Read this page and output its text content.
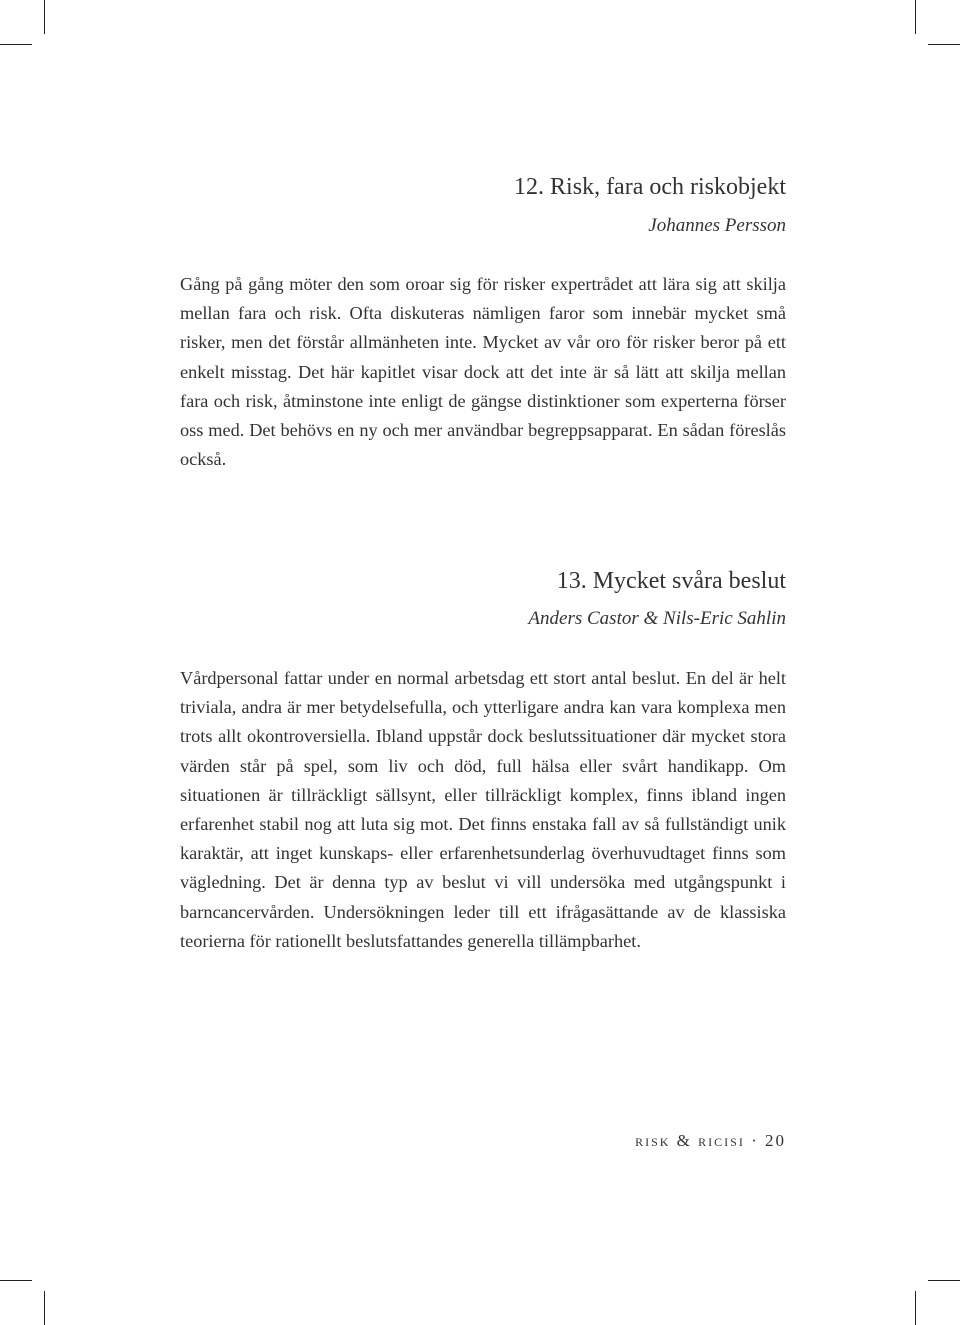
12. Risk, fara och riskobjekt
Johannes Persson

Gång på gång möter den som oroar sig för risker expertrådet att lära sig att skilja mellan fara och risk. Ofta diskuteras nämligen faror som innebär mycket små risker, men det förstår allmänheten inte. Mycket av vår oro för risker beror på ett enkelt misstag. Det här kapitlet visar dock att det inte är så lätt att skilja mellan fara och risk, åtminstone inte enligt de gängse distinktioner som experterna förser oss med. Det behövs en ny och mer användbar begreppsapparat. En sådan föreslås också.

13. Mycket svåra beslut
Anders Castor & Nils-Eric Sahlin

Vårdpersonal fattar under en normal arbetsdag ett stort antal beslut. En del är helt triviala, andra är mer betydelsefulla, och ytterligare andra kan vara komplexa men trots allt okontroversiella. Ibland uppstår dock beslutssituationer där mycket stora värden står på spel, som liv och död, full hälsa eller svårt handikapp. Om situationen är tillräckligt sällsynt, eller tillräckligt komplex, finns ibland ingen erfarenhet stabil nog att luta sig mot. Det finns enstaka fall av så fullständigt unik karaktär, att inget kunskaps- eller erfarenhetsunderlag överhuvudtaget finns som vägledning. Det är denna typ av beslut vi vill undersöka med utgångspunkt i barncancervården. Undersökningen leder till ett ifrågasättande av de klassiska teorierna för rationellt beslutsfattandes generella tillämpbarhet.

risk & ricisi · 20
